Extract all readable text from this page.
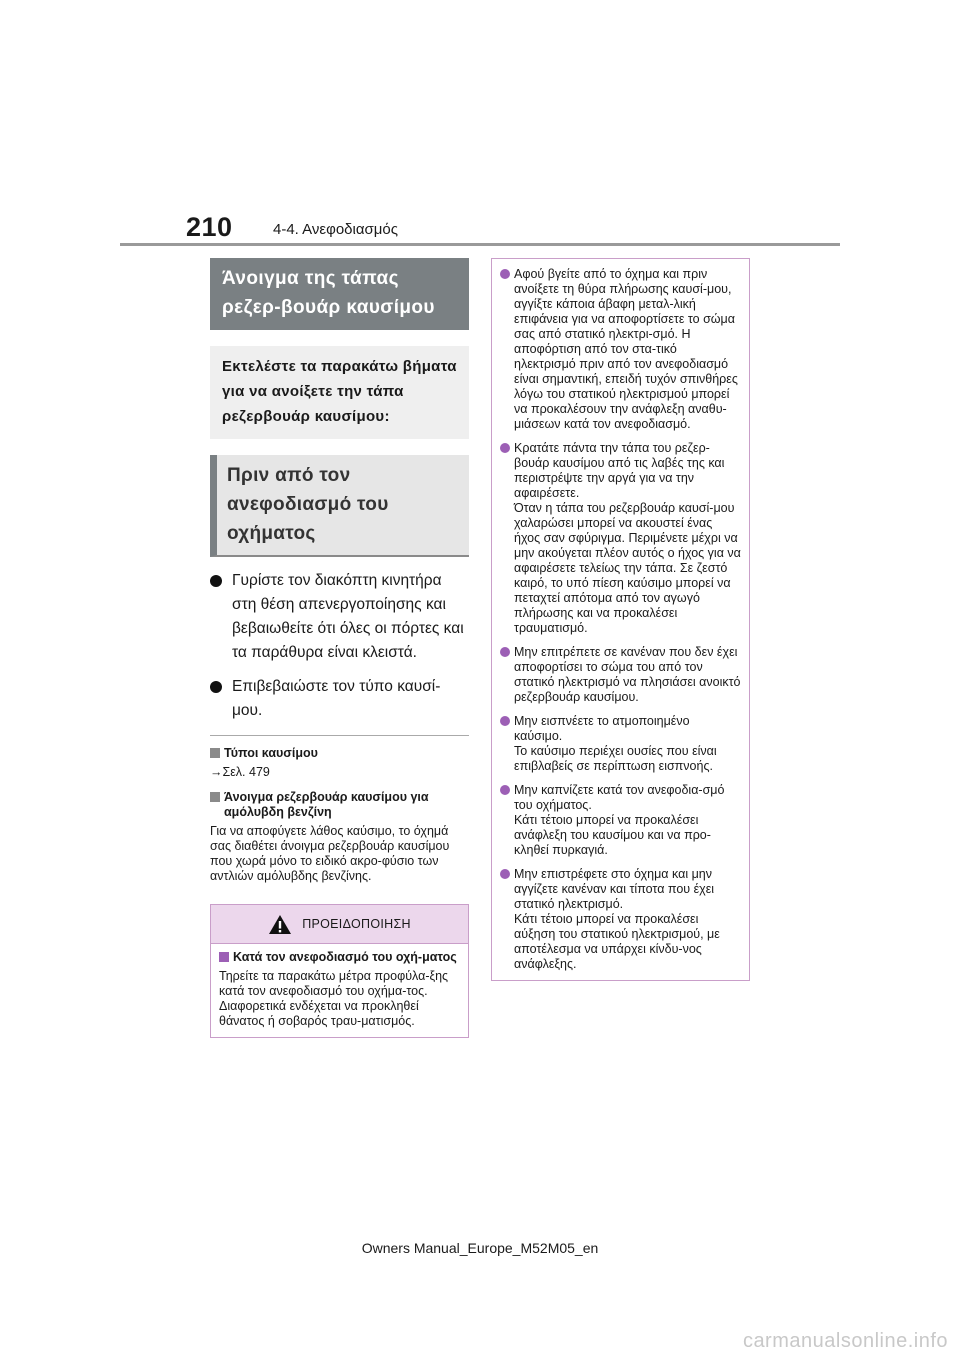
210	4-4. Ανεφοδιασμός
Άνοιγμα της τάπας ρεζερ-βουάρ καυσίμου
Εκτελέστε τα παρακάτω βήματα για να ανοίξετε την τάπα ρεζερβουάρ καυσίμου:
Πριν από τον ανεφοδιασμό του οχήματος
Γυρίστε τον διακόπτη κινητήρα στη θέση απενεργοποίησης και βεβαιωθείτε ότι όλες οι πόρτες και τα παράθυρα είναι κλειστά.
Επιβεβαιώστε τον τύπο καυσί-μου.
Τύποι καυσίμου
→Σελ. 479
Άνοιγμα ρεζερβουάρ καυσίμου για αμόλυβδη βενζίνη
Για να αποφύγετε λάθος καύσιμο, το όχημά σας διαθέτει άνοιγμα ρεζερβουάρ καυσίμου που χωρά μόνο το ειδικό ακρο-φύσιο των αντλιών αμόλυβδης βενζίνης.
ΠΡΟΕΙΔΟΠΟΙΗΣΗ
Κατά τον ανεφοδιασμό του οχή-ματος
Τηρείτε τα παρακάτω μέτρα προφύλα-ξης κατά τον ανεφοδιασμό του οχήμα-τος. Διαφορετικά ενδέχεται να προκληθεί θάνατος ή σοβαρός τραυ-ματισμός.
Αφού βγείτε από το όχημα και πριν ανοίξετε τη θύρα πλήρωσης καυσί-μου, αγγίξτε κάποια άβαφη μεταλ-λική επιφάνεια για να αποφορτίσετε το σώμα σας από στατικό ηλεκτρι-σμό. Η αποφόρτιση από τον στα-τικό ηλεκτρισμό πριν από τον ανεφοδιασμό είναι σημαντική, επειδή τυχόν σπινθήρες λόγω του στατικού ηλεκτρισμού μπορεί να προκαλέσουν την ανάφλεξη αναθυ-μιάσεων κατά τον ανεφοδιασμό.
Κρατάτε πάντα την τάπα του ρεζερ-βουάρ καυσίμου από τις λαβές της και περιστρέψτε την αργά για να την αφαιρέσετε.
Όταν η τάπα του ρεζερβουάρ καυσί-μου χαλαρώσει μπορεί να ακουστεί ένας ήχος σαν σφύριγμα. Περιμένετε μέχρι να μην ακούγεται πλέον αυτός ο ήχος για να αφαιρέσετε τελείως την τάπα. Σε ζεστό καιρό, το υπό πίεση καύσιμο μπορεί να πεταχτεί απότομα από τον αγωγό πλήρωσης και να προκαλέσει τραυματισμό.
Μην επιτρέπετε σε κανέναν που δεν έχει αποφορτίσει το σώμα του από τον στατικό ηλεκτρισμό να πλησιάσει ανοικτό ρεζερβουάρ καυσίμου.
Μην εισπνέετε το ατμοποιημένο καύσιμο.
Το καύσιμο περιέχει ουσίες που είναι επιβλαβείς σε περίπτωση εισπνοής.
Μην καπνίζετε κατά τον ανεφοδια-σμό του οχήματος.
Κάτι τέτοιο μπορεί να προκαλέσει ανάφλεξη του καυσίμου και να προ-κληθεί πυρκαγιά.
Μην επιστρέφετε στο όχημα και μην αγγίζετε κανέναν και τίποτα που έχει στατικό ηλεκτρισμό.
Κάτι τέτοιο μπορεί να προκαλέσει αύξηση του στατικού ηλεκτρισμού, με αποτέλεσμα να υπάρχει κίνδυ-νος ανάφλεξης.
Owners Manual_Europe_M52M05_en
carmanualsonline.info
